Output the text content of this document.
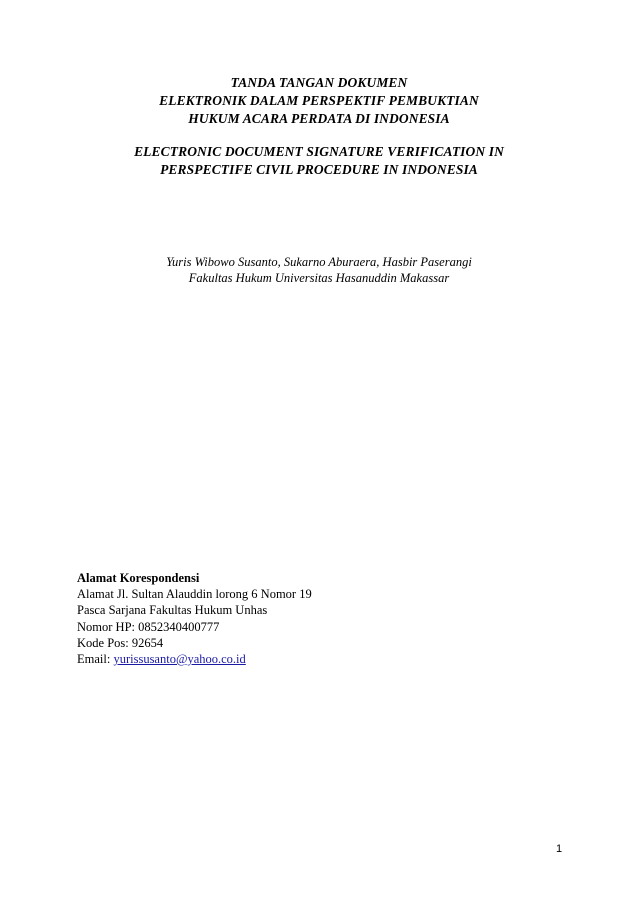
TANDA TANGAN DOKUMEN
ELEKTRONIK DALAM PERSPEKTIF PEMBUKTIAN
HUKUM ACARA PERDATA DI INDONESIA
ELECTRONIC DOCUMENT SIGNATURE VERIFICATION IN
PERSPECTIFE CIVIL PROCEDURE IN INDONESIA
Yuris Wibowo Susanto, Sukarno Aburaera, Hasbir Paserangi
Fakultas Hukum Universitas Hasanuddin Makassar
Alamat Korespondensi
Alamat Jl. Sultan Alauddin lorong 6 Nomor 19
Pasca Sarjana Fakultas Hukum Unhas
Nomor HP: 0852340400777
Kode Pos: 92654
Email: yurissusanto@yahoo.co.id
1
